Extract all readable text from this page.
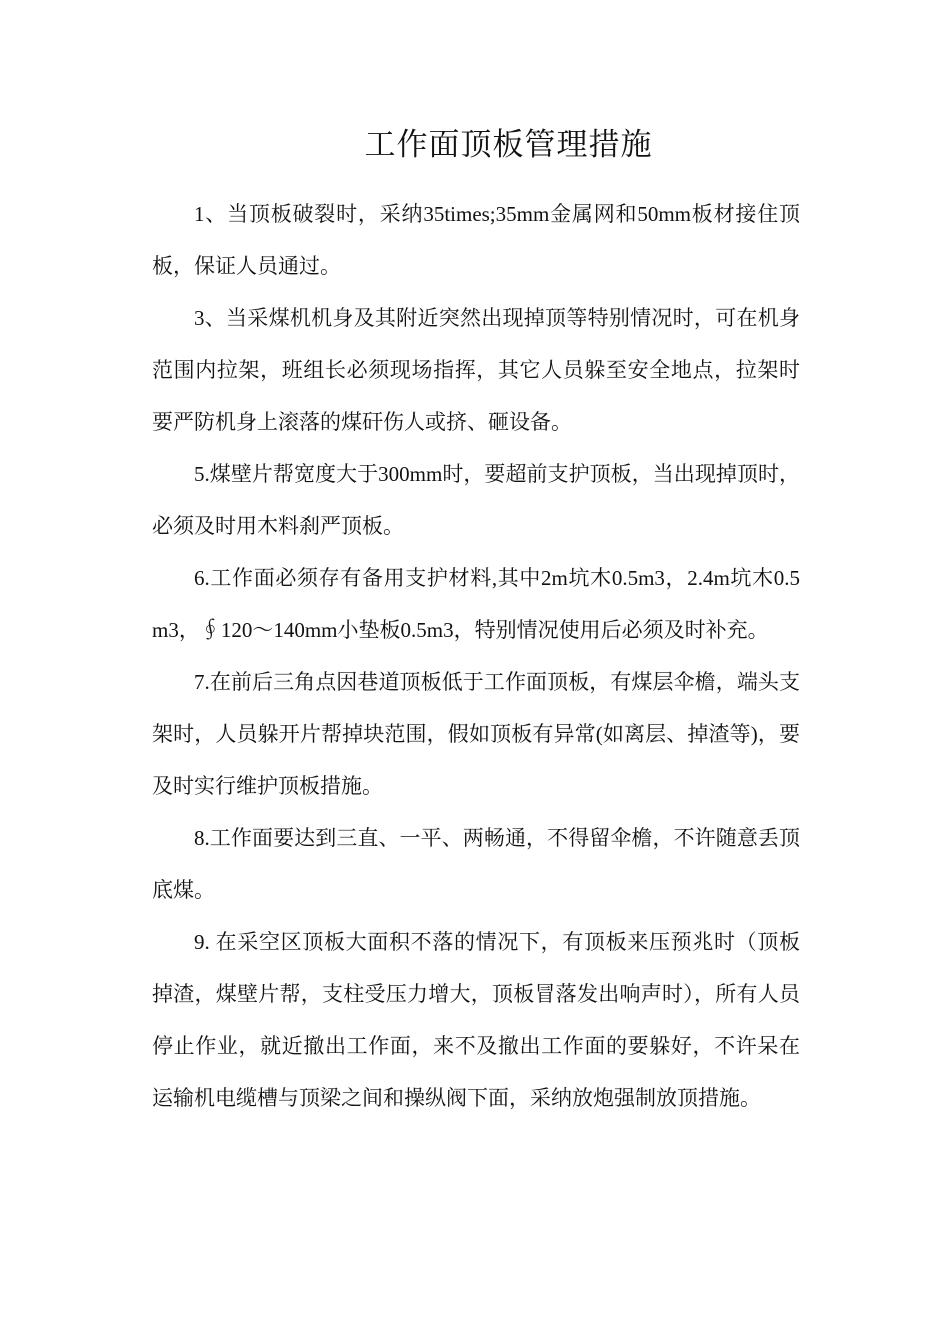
工作面顶板管理措施

1、当顶板破裂时，采纳35times;35mm金属网和50mm板材接住顶板，保证人员通过。

3、当采煤机机身及其附近突然出现掉顶等特别情况时，可在机身范围内拉架，班组长必须现场指挥，其它人员躲至安全地点，拉架时要严防机身上滚落的煤矸伤人或挤、砸设备。

5.煤壁片帮宽度大于300mm时，要超前支护顶板，当出现掉顶时， 必须及时用木料刹严顶板。

6.工作面必须存有备用支护材料,其中2m坑木0.5m3，2.4m坑木0.5m3，∮120～140mm小垫板0.5m3，特别情况使用后必须及时补充。

7.在前后三角点因巷道顶板低于工作面顶板，有煤层伞檐，端头支架时，人员躲开片帮掉块范围，假如顶板有异常(如离层、掉渣等)，要及时实行维护顶板措施。

8.工作面要达到三直、一平、两畅通，不得留伞檐，不许随意丢顶底煤。

9. 在采空区顶板大面积不落的情况下，有顶板来压预兆时（顶板掉渣，煤壁片帮，支柱受压力增大，顶板冒落发出响声时），所有人员停止作业，就近撤出工作面，来不及撤出工作面的要躲好，不许呆在运输机电缆槽与顶梁之间和操纵阀下面，采纳放炮强制放顶措施。
